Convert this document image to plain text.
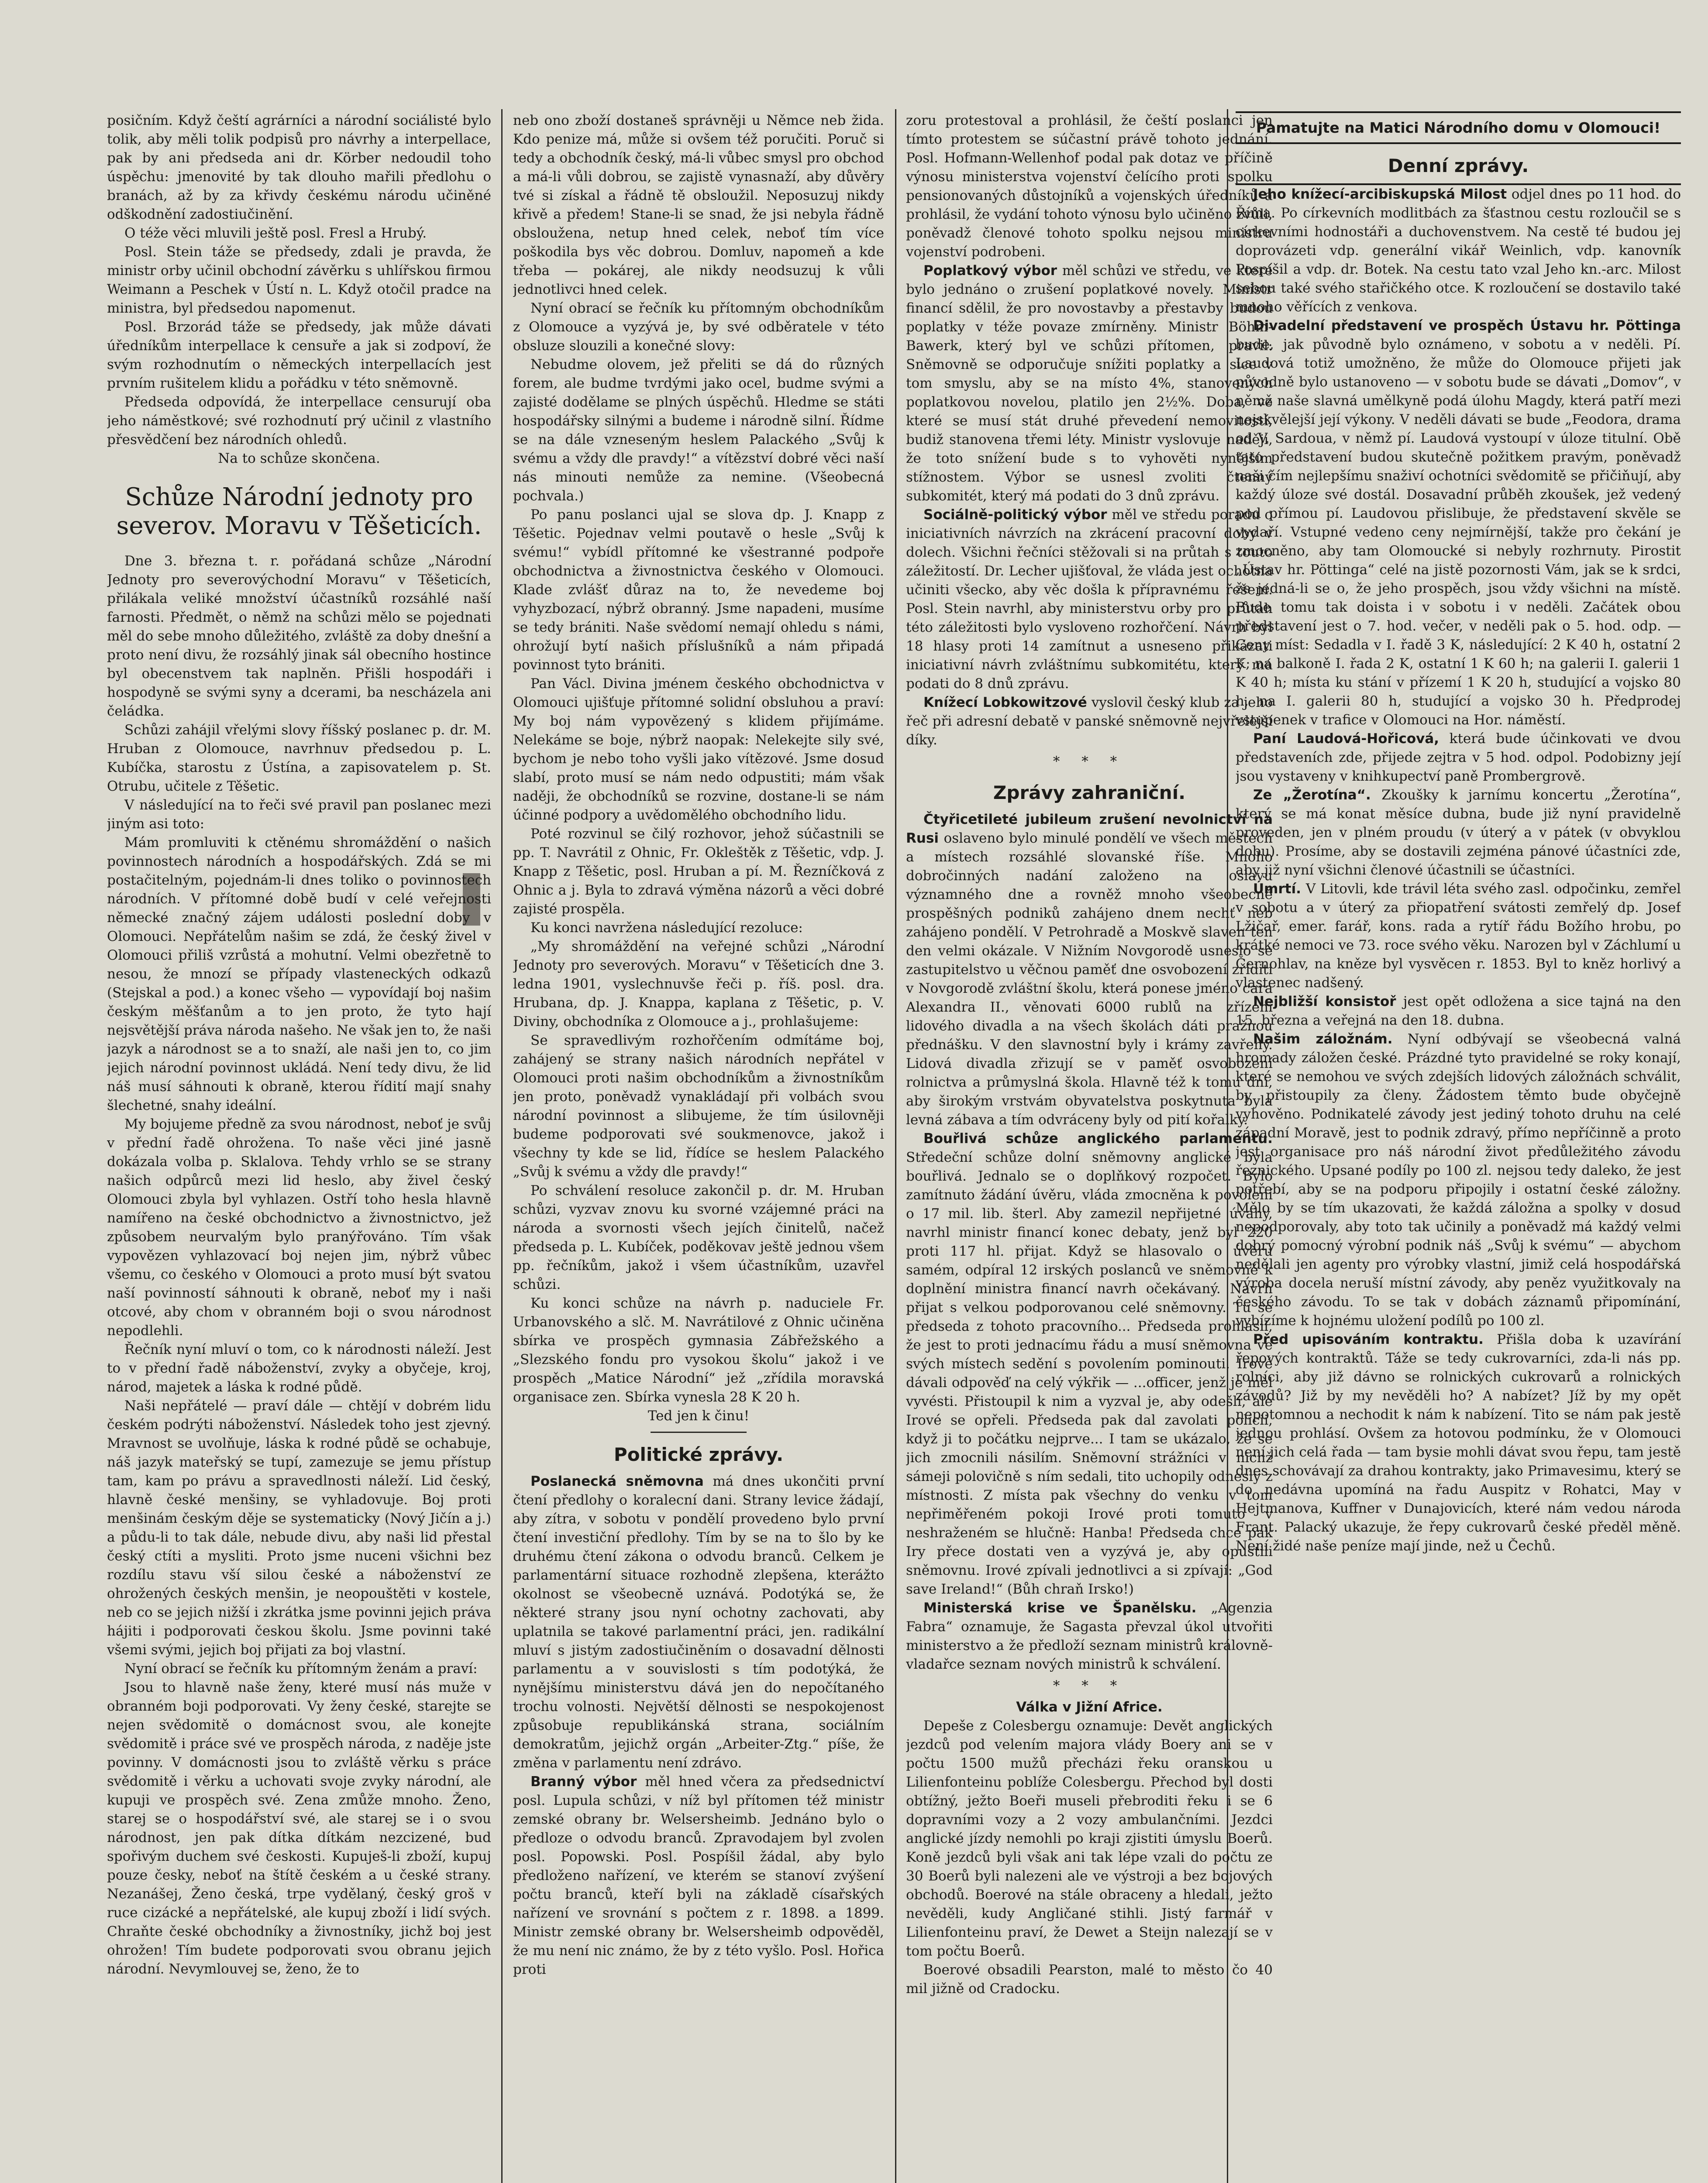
posičním. Když čeští agrárníci a národní sociálisté bylo tolik, aby měli tolik podpisů pro návrhy a interpellace, pak by ani předseda ani dr. Körber nedoudil toho úspěchu: jmenovité by tak dlouho mařili předlohu o branách, až by za křivdy českému národu učiněné odškodnění zadostiučinění.

O téže věci mluvili ještě posl. Fresl a Hrubý.

Posl. Stein táže se předsedy, zdali je pravda, že ministr orby učinil obchodní závěrku s uhlířskou firmou Weimann a Peschek v Ústí n. L. Když otočil pradce na ministra, byl předsedou napomenut.

Posl. Brzorád táže se předsedy, jak může dávati úředníkům interpellace k censuře a jak si zodpoví, že svým rozhodnutím o německých interpellacích jest prvním rušitelem klidu a pořádku v této sněmovně.

Předseda odpovídá, že interpellace censurují oba jeho náměstkové; své rozhodnutí prý učinil z vlastního přesvědčení bez národních ohledů.

Na to schůze skončena.

Schůze Národní jednoty pro severov. Moravu v Těšeticích.

Dne 3. března t. r. pořádaná schůze „Národní Jednoty pro severovýchodní Moravu“ v Těšeticích, přilákala veliké množství účastníků rozsáhlé naší farnosti. Předmět, o němž na schůzi mělo se pojednati měl do sebe mnoho důležitého, zvláště za doby dnešní a proto není divu, že rozsáhlý jinak sál obecního hostince byl obecenstvem tak naplněn. Přišli hospodáři i hospodyně se svými syny a dcerami, ba nescházela ani čeládka.

Schůzi zahájil vřelými slovy říšský poslanec p. dr. M. Hruban z Olomouce, navrhnuv předsedou p. L. Kubíčka, starostu z Ústína, a zapisovatelem p. St. Otrubu, učitele z Těšetic.

V následující na to řeči své pravil pan poslanec mezi jiným asi toto:

Mám promluviti k ctěnému shromáždění o našich povinnostech národních a hospodářských. Zdá se mi postačitelným, pojednám-li dnes toliko o povinnostech národních. V přítomné době budí v celé veřejnosti německé značný zájem události poslední doby v Olomouci. Nepřátelům našim se zdá, že český živel v Olomouci přiliš vzrůstá a mohutní. Velmi obezřetně to nesou, že mnozí se případy vlasteneckých odkazů (Stejskal a pod.) a konec všeho — vypovídají boj našim českým měšťanům a to jen proto, že tyto hají nejsvětější práva národa našeho. Ne však jen to, že naši jazyk a národnost se a to snaží, ale naši jen to, co jim jejich národní povinnost ukládá. Není tedy divu, že lid náš musí sáhnouti k obraně, kterou řídití mají snahy šlechetné, snahy ideální.

My bojujeme předně za svou národnost, neboť je svůj v přední řadě ohrožena. To naše věci jiné jasně dokázala volba p. Sklalova. Tehdy vrhlo se se strany našich odpůrců mezi lid heslo, aby živel český Olomouci zbyla byl vyhlazen. Ostří toho hesla hlavně namířeno na české obchodnictvo a živnostnictvo, jež způsobem neurvalým bylo pranýřováno. Tím však vypovězen vyhlazovací boj nejen jim, nýbrž vůbec všemu, co českého v Olomouci a proto musí být svatou naší povinností sáhnouti k obraně, neboť my i naši otcové, aby chom v obranném boji o svou národnost nepodlehli.

Řečník nyní mluví o tom, co k národnosti náleží. Jest to v přední řadě náboženství, zvyky a obyčeje, kroj, národ, majetek a láska k rodné půdě.

Naši nepřátelé — praví dále — chtějí v dobrém lidu českém podrýti náboženství. Následek toho jest zjevný. Mravnost se uvolňuje, láska k rodné půdě se ochabuje, náš jazyk mateřský se tupí, zamezuje se jemu přístup tam, kam po právu a spravedlnosti náleží. Lid český, hlavně české menšiny, se vyhladovuje. Boj proti menšinám českým děje se systematicky (Nový Jičín a j.) a půdu-li to tak dále, nebude divu, aby naši lid přestal český ctíti a mysliti. Proto jsme nuceni všichni bez rozdílu stavu vší silou české a náboženství ze ohrožených českých menšin, je neopouštěti v kostele, neb co se jejich nižší i zkrátka jsme povinni jejich práva hájiti i podporovati českou školu. Jsme povinni také všemi svými, jejich boj přijati za boj vlastní.

Nyní obrací se řečník ku přítomným ženám a praví:

Jsou to hlavně naše ženy, které musí nás muže v obranném boji podporovati. Vy ženy české, starejte se nejen svědomitě o domácnost svou, ale konejte svědomitě i práce své ve prospěch národa, z naděje jste povinny. V domácnosti jsou to zvláště věrku s práce svědomitě i věrku a uchovati svoje zvyky národní, ale kupuji ve prospěch své. Zena zmůže mnoho. Ženo, starej se o hospodářství své, ale starej se i o svou národnost, jen pak dítka dítkám nezcizené, bud spořivým duchem své českosti. Kupuješ-li zboží, kupuj pouze česky, neboť na štítě českém a u české strany. Nezanášej, Ženo česká, trpe vydělaný, český groš v ruce cizácké a nepřátelské, ale kupuj zboží i lidí svých. Chraňte české obchodníky a živnostníky, jichž boj jest ohrožen! Tím budete podporovati svou obranu jejich národní. Nevymlouvej se, ženo, že to

neb ono zboží dostaneš správněji u Němce neb žida. Kdo penize má, může si ovšem též poručiti. Poruč si tedy a obchodník český, má-li vůbec smysl pro obchod a má-li vůli dobrou, se zajistě vynasnaží, aby důvěry tvé si získal a řádně tě obsloužil. Neposuzuj nikdy křivě a předem! Stane-li se snad, že jsi nebyla řádně obsloužena, netup hned celek, neboť tím více poškodila bys věc dobrou. Domluv, napomeň a kde třeba — pokárej, ale nikdy neodsuzuj k vůli jednotlivci hned celek.

Nyní obrací se řečník ku přítomným obchodníkům z Olomouce a vyzývá je, by své odběratele v této obsluze slouzili a konečné slovy:

Nebudme olovem, jež přeliti se dá do různých forem, ale budme tvrdými jako ocel, budme svými a zajisté dodělame se plných úspěchů. Hledme se státi hospodářsky silnými a budeme i národně silní. Řídme se na dále vzneseným heslem Palackého „Svůj k svému a vždy dle pravdy!“ a vítězství dobré věci naší nás minouti nemůže za nemine. (Všeobecná pochvala.)

Po panu poslanci ujal se slova dp. J. Knapp z Těšetic. Pojednav velmi poutavě o hesle „Svůj k svému!“ vybídl přítomné ke všestranné podpoře obchodnictva a živnostnictva českého v Olomouci. Klade zvlášť důraz na to, že nevedeme boj vyhyzbozací, nýbrž obranný. Jsme napadeni, musíme se tedy brániti. Naše svědomí nemají ohledu s námi, ohrožují bytí našich příslušníků a nám připadá povinnost tyto brániti.

Pan Václ. Divina jménem českého obchodnictva v Olomouci ujišťuje přítomné solidní obsluhou a praví: My boj nám vypovězený s klidem přijímáme. Nelekáme se boje, nýbrž naopak: Nelekejte sily své, bychom je nebo toho vyšli jako vítězové. Jsme dosud slabí, proto musí se nám nedo odpustiti; mám však naději, že obchodníků se rozvine, dostane-li se nám účinné podpory a uvědomělého obchodního lidu.

Poté rozvinul se čilý rozhovor, jehož súčastnili se pp. T. Navrátil z Ohnic, Fr. Okleštěk z Těšetic, vdp. J. Knapp z Těšetic, posl. Hruban a pí. M. Řezníčková z Ohnic a j. Byla to zdravá výměna názorů a věci dobré zajisté prospěla.

Ku konci navržena následující rezoluce:

„My shromáždění na veřejné schůzi „Národní Jednoty pro severových. Moravu“ v Těšeticích dne 3. ledna 1901, vyslechnuvše řeči p. říš. posl. dra. Hrubana, dp. J. Knappa, kaplana z Těšetic, p. V. Diviny, obchodníka z Olomouce a j., prohlašujeme:

Se spravedlivým rozhořčením odmítáme boj, zahájený se strany našich národních nepřátel v Olomouci proti našim obchodníkům a živnostníkům jen proto, poněvadž vynakládají při volbách svou národní povinnost a slibujeme, že tím úsilovněji budeme podporovati své soukmenovce, jakož i všechny ty kde se lid, řídíce se heslem Palackého „Svůj k svému a vždy dle pravdy!“

Po schválení resoluce zakončil p. dr. M. Hruban schůzi, vyzvav znovu ku svorné vzájemné práci na národa a svornosti všech jejích činitelů, načež předseda p. L. Kubíček, poděkovav ještě jednou všem pp. řečníkům, jakož i všem účastníkům, uzavřel schůzi.

Ku konci schůze na návrh p. naduciele Fr. Urbanovského a slč. M. Navrátilové z Ohnic učiněna sbírka ve prospěch gymnasia Zábřežského a „Slezského fondu pro vysokou školu“ jakož i ve prospěch „Matice Národní“ jež „zřídila moravská organisace zen. Sbírka vynesla 28 K 20 h.

Ted jen k činu!

Politické zprávy.

Poslanecká sněmovna má dnes ukončiti první čtení předlohy o koralecní dani. Strany levice žádají, aby zítra, v sobotu v pondělí provedeno bylo první čtení investiční předlohy. Tím by se na to šlo by ke druhému čtení zákona o odvodu branců. Celkem je parlamentární situace rozhodně zlepšena, kterážto okolnost se všeobecně uznává. Podotýká se, že některé strany jsou nyní ochotny zachovati, aby uplatnila se takové parlamentní práci, jen. radikální mluví s jistým zadostiučiněním o dosavadní dělnosti parlamentu a v souvislosti s tím podotýká, že nynějšímu ministerstvu dává jen do nepočítaného trochu volnosti. Největší dělnosti se nespokojenost způsobuje republikánská strana, sociálním demokratům, jejichž orgán „Arbeiter-Ztg.“ píše, že změna v parlamentu není zdrávo.

Branný výbor měl hned včera za předsednictví posl. Lupula schůzi, v níž byl přítomen též ministr zemské obrany br. Welsersheimb. Jednáno bylo o předloze o odvodu branců. Zpravodajem byl zvolen posl. Popowski. Posl. Pospíšil žádal, aby bylo předloženo nařízení, ve kterém se stanoví zvýšení počtu branců, kteří byli na základě císařských nařízení ve srovnání s počtem z r. 1898. a 1899. Ministr zemské obrany br. Welsersheimb odpověděl, že mu není nic známo, že by z této vyšlo. Posl. Hořica proti

zoru protestoval a prohlásil, že čeští poslanci jen tímto protestem se súčastní právě tohoto jednání. Posl. Hofmann-Wellenhof podal pak dotaz ve příčině výnosu ministerstva vojenství čelícího proti spolku pensionovaných důstojníků a vojenských úředníků a prohlásil, že vydání tohoto výnosu bylo učiněno zvůli, poněvadž členové tohoto spolku nejsou ministru vojenství podrobeni.

Poplatkový výbor měl schůzi ve středu, ve které bylo jednáno o zrušení poplatkové novely. Ministr financí sdělil, že pro novostavby a přestavby budou poplatky v téže povaze zmírněny. Ministr Böhm-Bawerk, který byl ve schůzi přítomen, pravil: Sněmovně se odporučuje snížiti poplatky a sice v tom smyslu, aby se na místo 4%, stanovených poplatkovou novelou, platilo jen 2½%. Doba, ve které se musí stát druhé převedení nemovitostí, budiž stanovena třemi léty. Ministr vyslovuje naději, že toto snížení bude s to vyhověti nynějším stížnostem. Výbor se usnesl zvoliti čtenný subkomitét, který má podati do 3 dnů zprávu.

Sociálně-politický výbor měl ve středu poradu o iniciativních návrzích na zkrácení pracovní doby v dolech. Všichni řečníci stěžovali si na průtah s touto záležitostí. Dr. Lecher ujišťoval, že vláda jest ochotna učiniti všecko, aby věc došla k přípravnému řešení. Posl. Stein navrhl, aby ministerstvu orby pro průtah této záležitosti bylo vysloveno rozhořčení. Návrh byl 18 hlasy proti 14 zamítnut a usneseno přikázati iniciativní návrh zvláštnímu subkomitétu, který má podati do 8 dnů zprávu.

Knížecí Lobkowitzové vyslovil český klub za jeho řeč při adresní debatě v panské sněmovně nejvřelejší díky.

* * *
Zprávy zahraniční.

Čtyřicetileté jubileum zrušení nevolnictví na Rusi oslaveno bylo minulé pondělí ve všech městech a místech rozsáhlé slovanské říše. Mnoho dobročinných nadání založeno na oslavu významného dne a rovněž mnoho všeobecně prospěšných podniků zahájeno dnem nechť neb zahájeno pondělí. V Petrohradě a Moskvě slaven ten den velmi okázale. V Nižním Novgorodě usneslo se zastupitelstvo u věčnou paměť dne osvobození zříditi v Novgorodě zvláštní školu, která ponese jméno cara Alexandra II., věnovati 6000 rublů na zřízení lidového divadla a na všech školách dáti pražnou přednášku. V den slavnostní byly i krámy zavřeny. Lidová divadla zřizují se v paměť osvobození rolnictva a průmyslná škola. Hlavně též k tomu dni, aby širokým vrstvám obyvatelstva poskytnuta byla levná zábava a tím odvráceny byly od pití kořalky.

Bouřlivá schůze anglického parlamentu. Středeční schůze dolní sněmovny anglické byla bouřlivá. Jednalo se o doplňkový rozpočet. Bylo zamítnuto žádání úvěru, vláda zmocněna k povolení o 17 mil. lib. šterl. Aby zamezil nepřijetné úvahy, navrhl ministr financí konec debaty, jenž byl 220 proti 117 hl. přijat. Když se hlasovalo o úvěru samém, odpíral 12 irských poslanců ve sněmovně k doplnění ministra financí navrh očekávaný. Navrh přijat s velkou podporovanou celé sněmovny. Tu se předseda z tohoto pracovního... Předseda prohlásil, že jest to proti jednacímu řádu a musí sněmovna ve svých místech sedění s povolením pominouti. Irové dávali odpověď na celý výkřik — ...officer, jenž je měl vyvésti. Přistoupil k nim a vyzval je, aby odešli, ale Irové se opřeli. Předseda pak dal zavolati policii, když ji to počátku nejprve... I tam se ukázalo, že se jich zmocnili násilím. Sněmovní strážníci v nichž sámeji polovičně s ním sedali, tito uchopily odnesly z místnosti. Z místa pak všechny do venku v tom nepřiměřeném pokoji Irové proti tomuto v neshraženém se hlučně: Hanba! Předseda chce pak Iry přece dostati ven a vyzývá je, aby opustili sněmovnu. Irové zpívali jednotlivci a si zpívají: „God save Ireland!“ (Bůh chraň Irsko!)

Ministerská krise ve Španělsku. „Agenzia Fabra“ oznamuje, že Sagasta převzal úkol utvořiti ministerstvo a že předloží seznam ministrů královně-vladařce seznam nových ministrů k schválení.

* * *
Válka v Jižní Africe.

Depeše z Colesbergu oznamuje: Devět anglických jezdců pod velením majora vlády Boery ani se v počtu 1500 mužů přecházi řeku oranskou u Lilienfonteinu poblíže Colesbergu. Přechod byl dosti obtížný, ježto Boeři museli přebroditi řeku i se 6 dopravními vozy a 2 vozy ambulančními. Jezdci anglické jízdy nemohli po kraji zjistiti úmyslu Boerů. Koně jezdců byli však ani tak lépe vzali do počtu ze 30 Boerů byli nalezeni ale ve výstroji a bez bojových obchodů. Boerové na stále obraceny a hledali, ježto nevěděli, kudy Angličané stihli. Jistý farmář v Lilienfonteinu praví, že Dewet a Steijn nalezají se v tom počtu Boerů.

Boerové obsadili Pearston, malé to město čo 40 mil jižně od Cradocku.

Pamatujte na Matici Národního domu v Olomouci!

Denní zprávy.

Jeho knížecí-arcibiskupská Milost odjel dnes po 11 hod. do Říma. Po církevních modlitbách za šťastnou cestu rozloučil se s církevními hodnostáři a duchovenstvem. Na cestě té budou jej doprovázeti vdp. generální vikář Weinlich, vdp. kanovník Pospíšil a vdp. dr. Botek. Na cestu tato vzal Jeho kn.-arc. Milost sebou také svého stařičkého otce. K rozloučení se dostavilo také mnoho věřících z venkova.

Divadelní představení ve prospěch Ústavu hr. Pöttinga bude, jak původně bylo oznámeno, v sobotu a v neděli. Pí. Laudová totiž umožněno, že může do Olomouce přijeti jak původně bylo ustanoveno — v sobotu bude se dávati „Domov“, v němž naše slavná umělkyně podá úlohu Magdy, která patří mezi nejskvělejší její výkony. V neděli dávati se bude „Feodora, drama od V. Sardoua, v němž pí. Laudová vystoupí v úloze titulní. Obě tato představení budou skutečně požitkem pravým, poněvadž naši čím nejlepšímu snaživí ochotníci svědomitě se přičiňují, aby každý úloze své dostál. Dosavadní průběh zkoušek, jež vedený pod přímou pí. Laudovou přislibuje, že představení skvěle se vydaří. Vstupné vedeno ceny nejmírnější, takže pro čekání je zmocněno, aby tam Olomoucké si nebyly rozhrnuty. Pirostit „Ústav hr. Pöttinga“ celé na jistě pozornosti Vám, jak se k srdci, že jedná-li se o, že jeho prospěch, jsou vždy všichni na místě. Bude tomu tak doista i v sobotu i v neděli. Začátek obou představení jest o 7. hod. večer, v neděli pak o 5. hod. odp. — Ceny míst: Sedadla v I. řadě 3 K, následující: 2 K 40 h, ostatní 2 K; na balkoně I. řada 2 K, ostatní 1 K 60 h; na galerii I. galerii 1 K 40 h; místa ku stání v přízemí 1 K 20 h, studující a vojsko 80 h, na I. galerii 80 h, studující a vojsko 30 h. Předprodej vstupenek v trafice v Olomouci na Hor. náměstí.

Paní Laudová-Hořicová, která bude účinkovati ve dvou představeních zde, přijede zejtra v 5 hod. odpol. Podobizny její jsou vystaveny v knihkupectví paně Prombergrově.

Ze „Žerotína“. Zkoušky k jarnímu koncertu „Žerotína“, který se má konat měsíce dubna, bude již nyní pravidelně proveden, jen v plném proudu (v úterý a v pátek (v obvyklou dobu). Prosíme, aby se dostavili zejména pánové účastníci zde, aby již nyní všichni členové účastnili se účastníci.

Úmrtí. V Litovli, kde trávil léta svého zasl. odpočinku, zemřel v sobotu a v úterý za přiopatření svátosti zemřelý dp. Josef Lžičař, emer. farář, kons. rada a rytíř řádu Božího hrobu, po krátké nemoci ve 73. roce svého věku. Narozen byl v Záchlumí u Černohlav, na kněze byl vysvěcen r. 1853. Byl to kněz horlivý a vlastenec nadšený.

Nejbližší konsistoř jest opět odložena a sice tajná na den 15. března a veřejná na den 18. dubna.

Našim záložnám. Nyní odbývají se všeobecná valná hromady záložen české. Prázdné tyto pravidelné se roky konají, které se nemohou ve svých zdejších lidových záložnách schválit, by přistoupily za členy. Žádostem těmto bude obyčejně vyhověno. Podnikatelé závody jest jediný tohoto druhu na celé západní Moravě, jest to podnik zdravý, přímo nepříčinně a proto jest organisace pro náš národní život předůležitého závodu řeznického. Upsané podíly po 100 zl. nejsou tedy daleko, že jest potřebí, aby se na podporu připojily i ostatní české záložny. Mělo by se tím ukazovati, že každá záložna a spolky v dosud nepodporovaly, aby toto tak učinily a poněvadž má každý velmi dobrý pomocný výrobní podnik náš „Svůj k svému“ — abychom nedělali jen agenty pro výrobky vlastní, jimiž celá hospodářská výroba docela neruší místní závody, aby peněz využitkovaly na českého závodu. To se tak v dobách záznamů připomínání, vybízíme k hojnému uložení podílů po 100 zl.

Před upisováním kontraktu. Přišla doba k uzavírání řepových kontraktů. Táže se tedy cukrovarníci, zda-li nás pp. rolníci, aby již dávno se rolnických cukrovarů a rolnických závodů? Již by my nevěděli ho? A nabízet? Jíž by my opět nepotomnou a nechodit k nám k nabízení. Tito se nám pak jestě jednou prohlásí. Ovšem za hotovou podmínku, že v Olomouci není jich celá řada — tam bysie mohli dávat svou řepu, tam jestě dnes schovávají za drahou kontrakty, jako Primavesimu, který se do nedávna upomíná na řadu Auspitz v Rohatci, May v Hejtmanova, Kuffner v Dunajovicích, které nám vedou národa Frant. Palacký ukazuje, že řepy cukrovarů české předěl měně. Není židé naše peníze mají jinde, než u Čechů.
